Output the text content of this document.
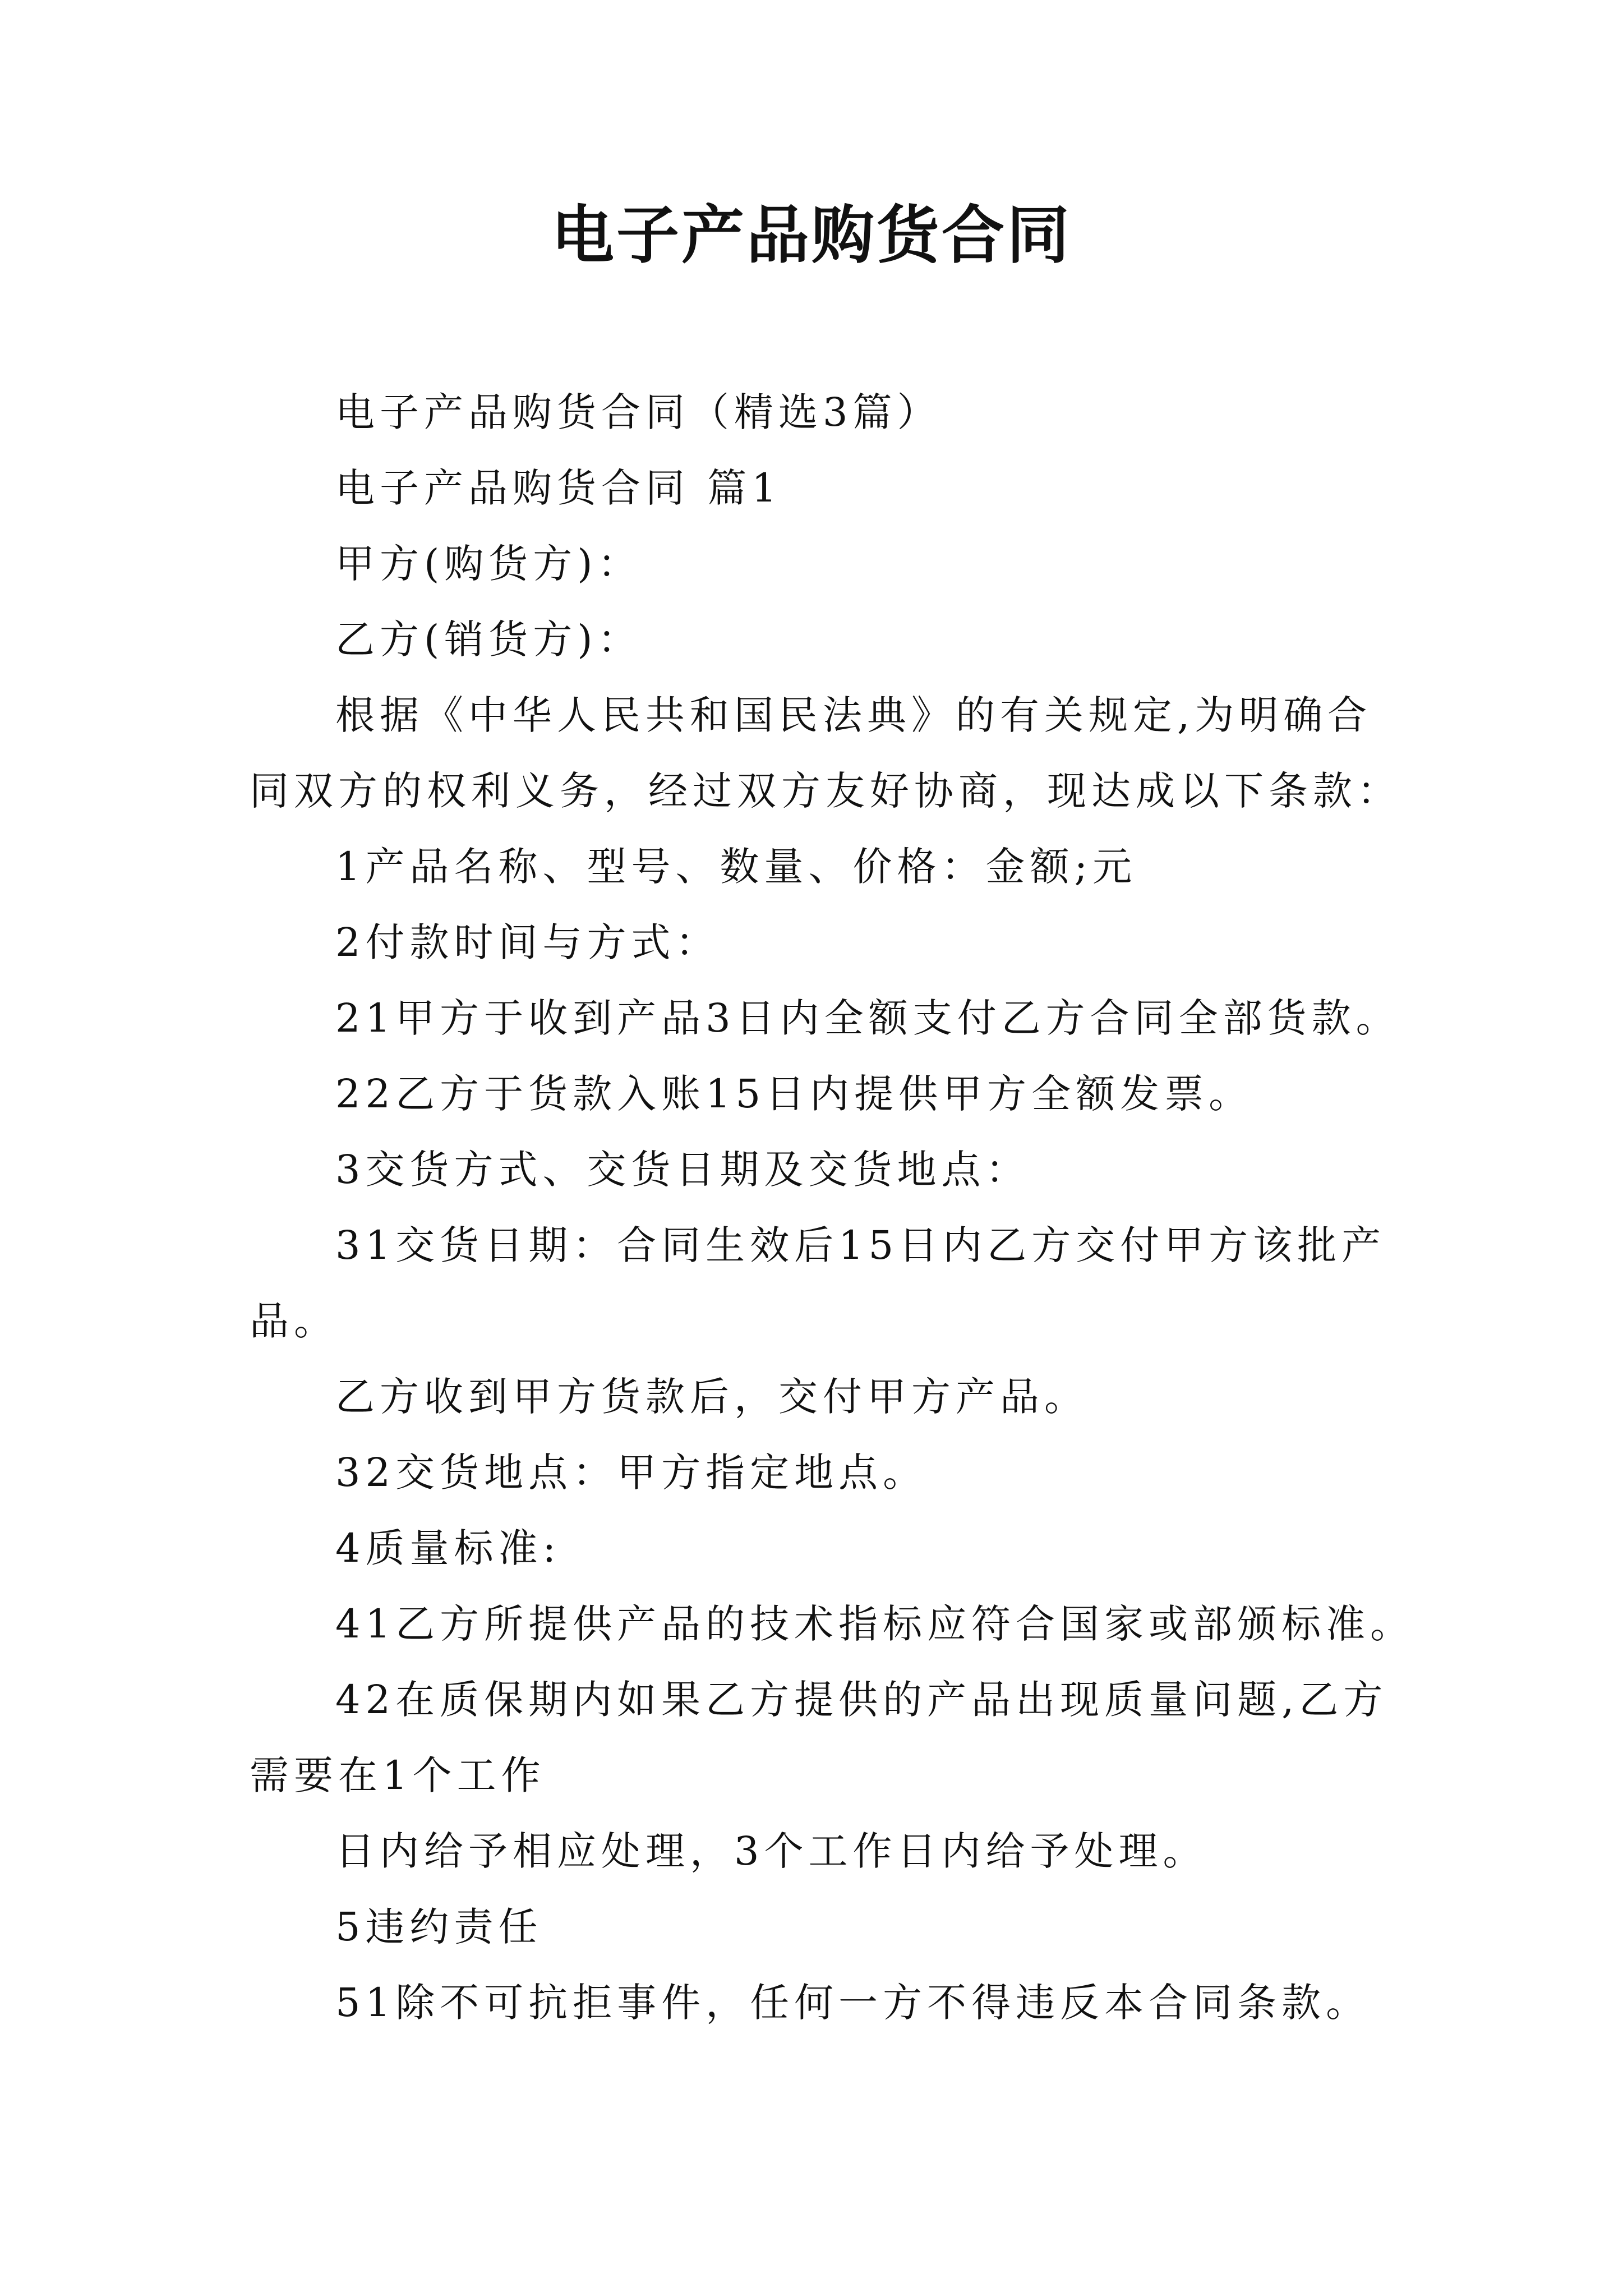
电子产品购货合同
电子产品购货合同（精选3篇）
电子产品购货合同 篇1
甲方(购货方)：
乙方(销货方)：
根据《中华人民共和国民法典》的有关规定,为明确合
同双方的权利义务，经过双方友好协商，现达成以下条款：
1产品名称、型号、数量、价格：金额;元
2付款时间与方式：
21甲方于收到产品3日内全额支付乙方合同全部货款。
22乙方于货款入账15日内提供甲方全额发票。
3交货方式、交货日期及交货地点：
31交货日期：合同生效后15日内乙方交付甲方该批产
品。
乙方收到甲方货款后，交付甲方产品。
32交货地点：甲方指定地点。
4质量标准:
41乙方所提供产品的技术指标应符合国家或部颁标准。
42在质保期内如果乙方提供的产品出现质量问题,乙方
需要在1个工作
日内给予相应处理，3个工作日内给予处理。
5违约责任
51除不可抗拒事件，任何一方不得违反本合同条款。
